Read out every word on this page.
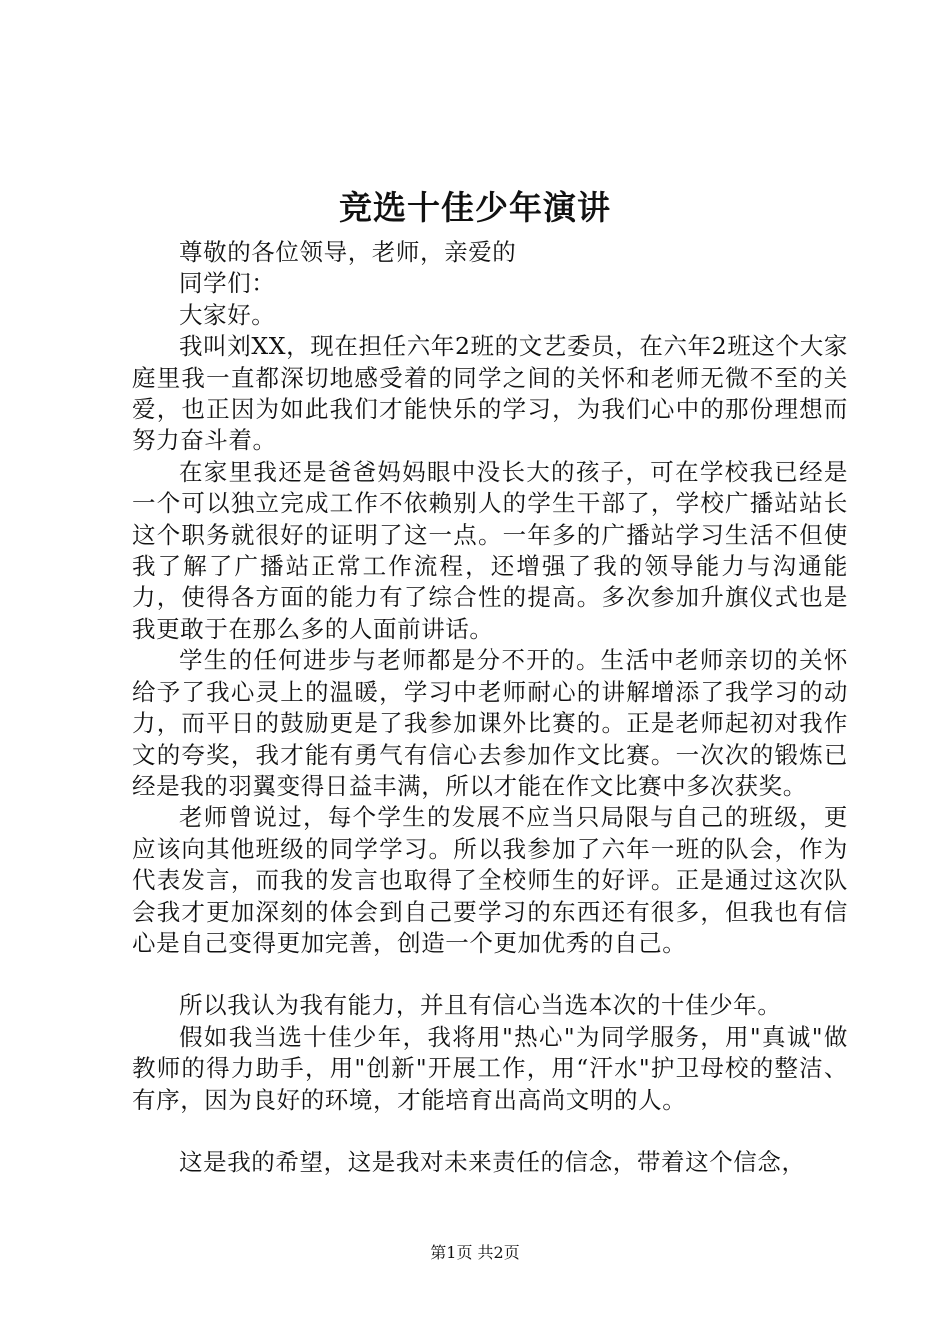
竞选十佳少年演讲

尊敬的各位领导，老师，亲爱的

同学们：

大家好。

我叫刘XX，现在担任六年2班的文艺委员，在六年2班这个大家庭里我一直都深切地感受着的同学之间的关怀和老师无微不至的关爱，也正因为如此我们才能快乐的学习，为我们心中的那份理想而努力奋斗着。

在家里我还是爸爸妈妈眼中没长大的孩子，可在学校我已经是一个可以独立完成工作不依赖别人的学生干部了，学校广播站站长这个职务就很好的证明了这一点。一年多的广播站学习生活不但使我了解了广播站正常工作流程，还增强了我的领导能力与沟通能力，使得各方面的能力有了综合性的提高。多次参加升旗仪式也是我更敢于在那么多的人面前讲话。

学生的任何进步与老师都是分不开的。生活中老师亲切的关怀给予了我心灵上的温暖，学习中老师耐心的讲解增添了我学习的动力，而平日的鼓励更是了我参加课外比赛的。正是老师起初对我作文的夸奖，我才能有勇气有信心去参加作文比赛。一次次的锻炼已经是我的羽翼变得日益丰满，所以才能在作文比赛中多次获奖。

老师曾说过，每个学生的发展不应当只局限与自己的班级，更应该向其他班级的同学学习。所以我参加了六年一班的队会，作为代表发言，而我的发言也取得了全校师生的好评。正是通过这次队会我才更加深刻的体会到自己要学习的东西还有很多，但我也有信心是自己变得更加完善，创造一个更加优秀的自己。

所以我认为我有能力，并且有信心当选本次的十佳少年。

假如我当选十佳少年，我将用"热心"为同学服务，用"真诚"做教师的得力助手，用"创新"开展工作，用“汗水"护卫母校的整洁、有序，因为良好的环境，才能培育出高尚文明的人。

这是我的希望，这是我对未来责任的信念，带着这个信念，

第1页 共2页
